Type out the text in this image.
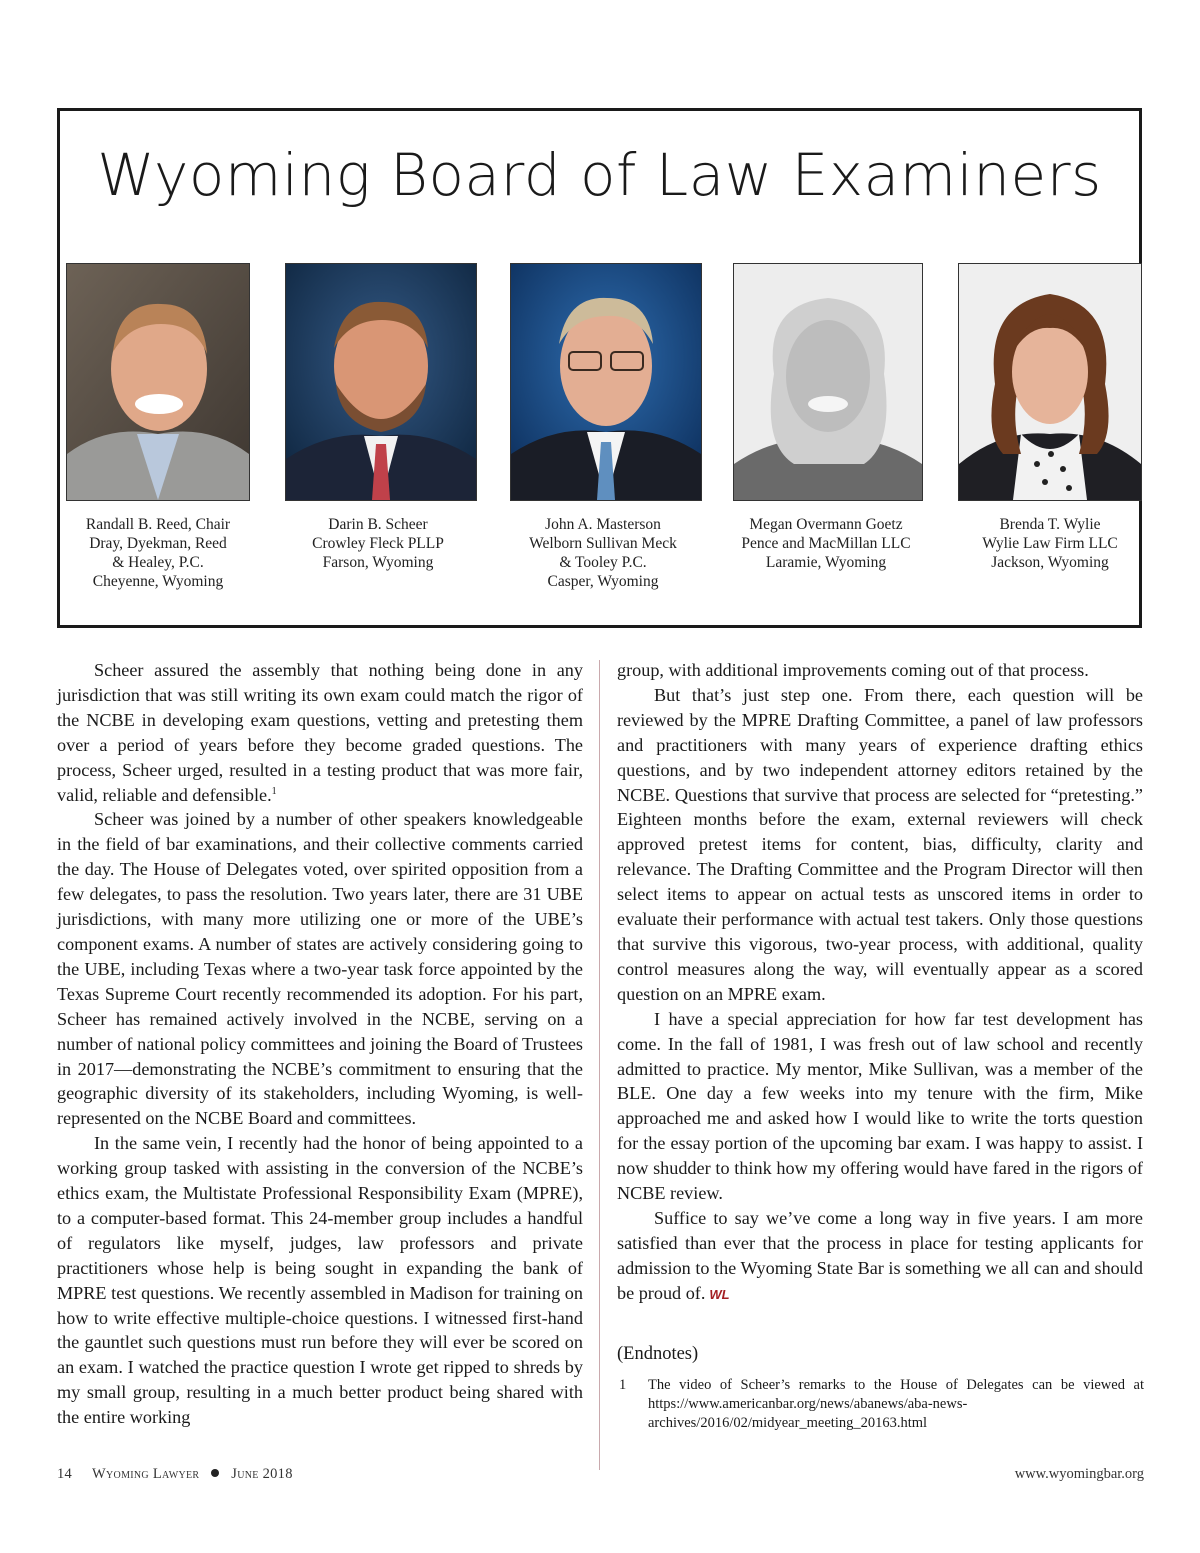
Wyoming Board of Law Examiners
Randall B. Reed, Chair
Dray, Dyekman, Reed
& Healey, P.C.
Cheyenne, Wyoming
Darin B. Scheer
Crowley Fleck PLLP
Farson, Wyoming
John A. Masterson
Welborn Sullivan Meck
& Tooley P.C.
Casper, Wyoming
Megan Overmann Goetz
Pence and MacMillan LLC
Laramie, Wyoming
Brenda T. Wylie
Wylie Law Firm LLC
Jackson, Wyoming

Scheer assured the assembly that nothing being done in any jurisdiction that was still writing its own exam could match the rigor of the NCBE in developing exam questions, vetting and pretesting them over a period of years before they become graded questions. The process, Scheer urged, resulted in a testing product that was more fair, valid, reliable and defensible.$^1$

Scheer was joined by a number of other speakers knowledgeable in the field of bar examinations, and their collective comments carried the day. The House of Delegates voted, over spirited opposition from a few delegates, to pass the resolution. Two years later, there are 31 UBE jurisdictions, with many more utilizing one or more of the UBE’s component exams. A number of states are actively considering going to the UBE, including Texas where a two-year task force appointed by the Texas Supreme Court recently recommended its adoption. For his part, Scheer has remained actively involved in the NCBE, serving on a number of national policy committees and joining the Board of Trustees in 2017—demonstrating the NCBE’s commitment to ensuring that the geographic diversity of its stakeholders, including Wyoming, is well-represented on the NCBE Board and committees.

In the same vein, I recently had the honor of being appointed to a working group tasked with assisting in the conversion of the NCBE’s ethics exam, the Multistate Professional Responsibility Exam (MPRE), to a computer-based format. This 24-member group includes a handful of regulators like myself, judges, law professors and private practitioners whose help is being sought in expanding the bank of MPRE test questions. We recently assembled in Madison for training on how to write effective multiple-choice questions. I witnessed first-hand the gauntlet such questions must run before they will ever be scored on an exam. I watched the practice question I wrote get ripped to shreds by my small group, resulting in a much better product being shared with the entire working

group, with additional improvements coming out of that process.

But that’s just step one. From there, each question will be reviewed by the MPRE Drafting Committee, a panel of law professors and practitioners with many years of experience drafting ethics questions, and by two independent attorney editors retained by the NCBE. Questions that survive that process are selected for “pretesting.” Eighteen months before the exam, external reviewers will check approved pretest items for content, bias, difficulty, clarity and relevance. The Drafting Committee and the Program Director will then select items to appear on actual tests as unscored items in order to evaluate their performance with actual test takers. Only those questions that survive this vigorous, two-year process, with additional, quality control measures along the way, will eventually appear as a scored question on an MPRE exam.

I have a special appreciation for how far test development has come. In the fall of 1981, I was fresh out of law school and recently admitted to practice. My mentor, Mike Sullivan, was a member of the BLE. One day a few weeks into my tenure with the firm, Mike approached me and asked how I would like to write the torts question for the essay portion of the upcoming bar exam. I was happy to assist. I now shudder to think how my offering would have fared in the rigors of NCBE review.

Suffice to say we’ve come a long way in five years. I am more satisfied than ever that the process in place for testing applicants for admission to the Wyoming State Bar is something we all can and should be proud of. WL

(Endnotes)
1 The video of Scheer’s remarks to the House of Delegates can be viewed at https://www.americanbar.org/news/abanews/aba-news-archives/2016/02/midyear_meeting_20163.html
14 Wyoming Lawyer June 2018	www.wyomingbar.org
